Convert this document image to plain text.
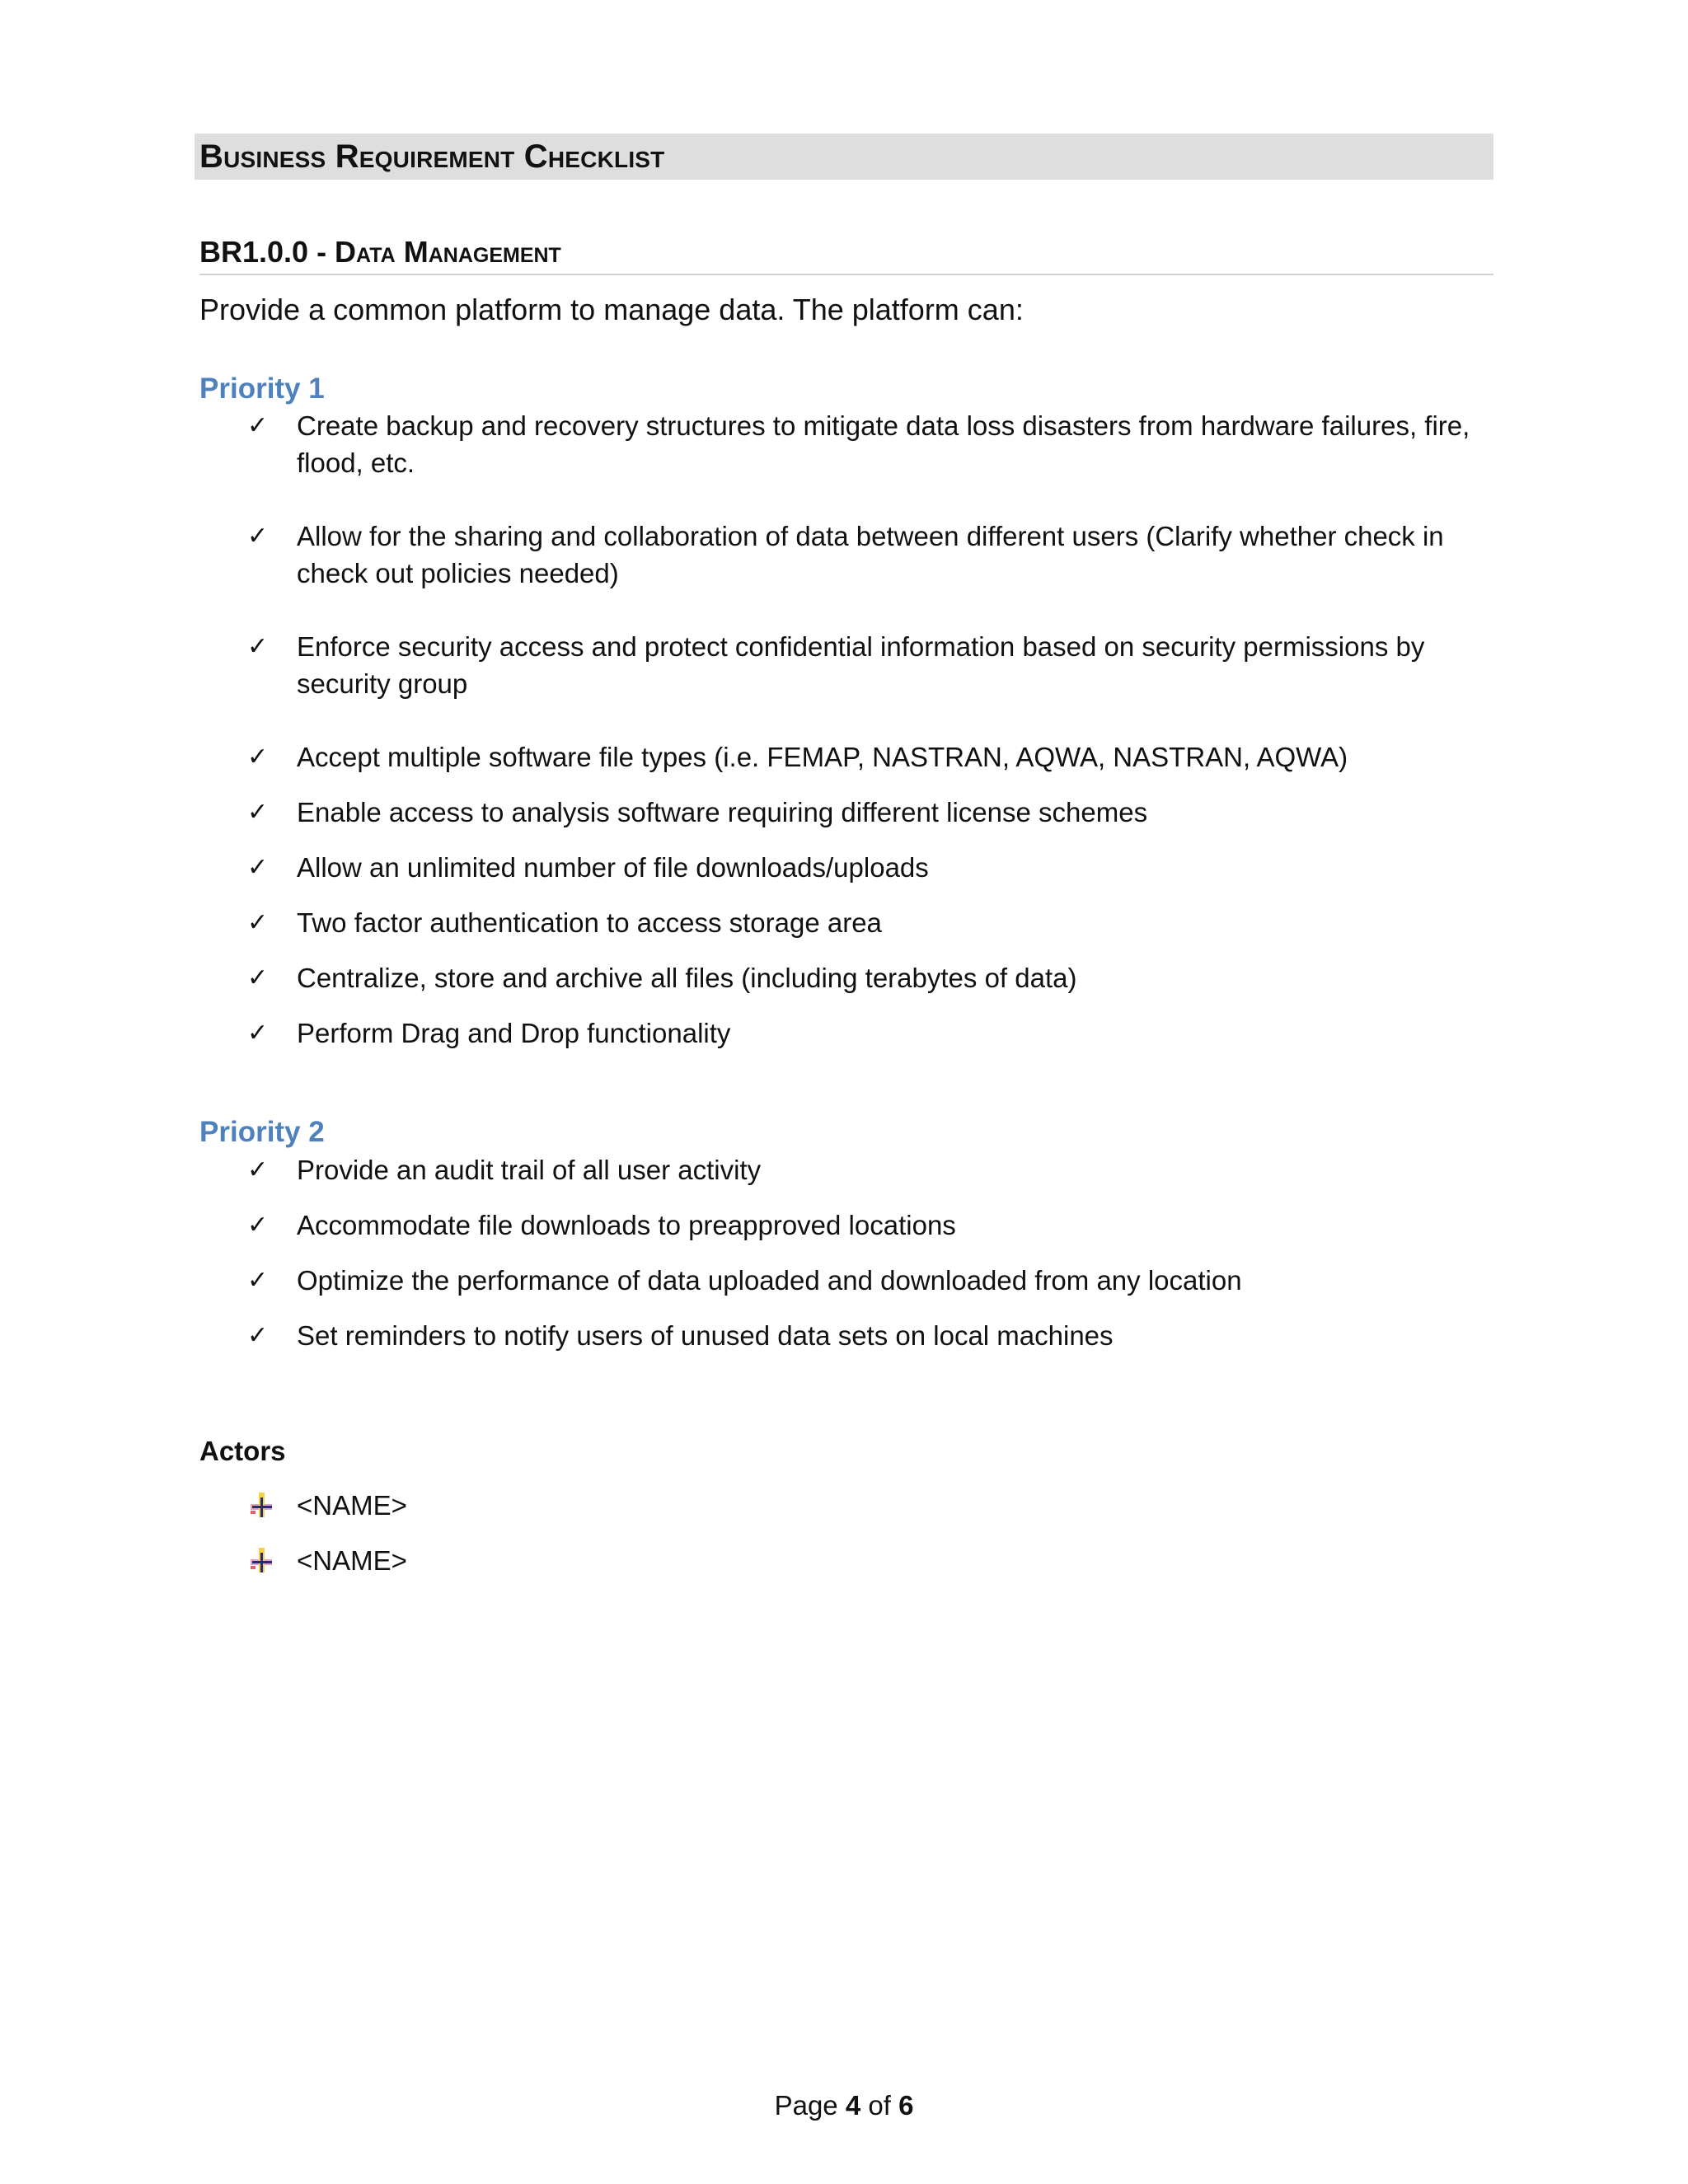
Business Requirement Checklist
BR1.0.0 - Data Management
Provide a common platform to manage data. The platform can:
Priority 1
✓	Create backup and recovery structures to mitigate data loss disasters from hardware failures, fire, flood, etc.
✓	Allow for the sharing and collaboration of data between different users (Clarify whether check in check out policies needed)
✓	Enforce security access and protect confidential information based on security permissions by security group
✓	Accept multiple software file types (i.e. FEMAP, NASTRAN, AQWA, NASTRAN, AQWA)
✓	Enable access to analysis software requiring different license schemes
✓	Allow an unlimited number of file downloads/uploads
✓	Two factor authentication to access storage area
✓	Centralize, store and archive all files (including terabytes of data)
✓	Perform Drag and Drop functionality
Priority 2
✓	Provide an audit trail of all user activity
✓	Accommodate file downloads to preapproved locations
✓	Optimize the performance of data uploaded and downloaded from any location
✓	Set reminders to notify users of unused data sets on local machines
Actors
<NAME>
<NAME>
Page 4 of 6
